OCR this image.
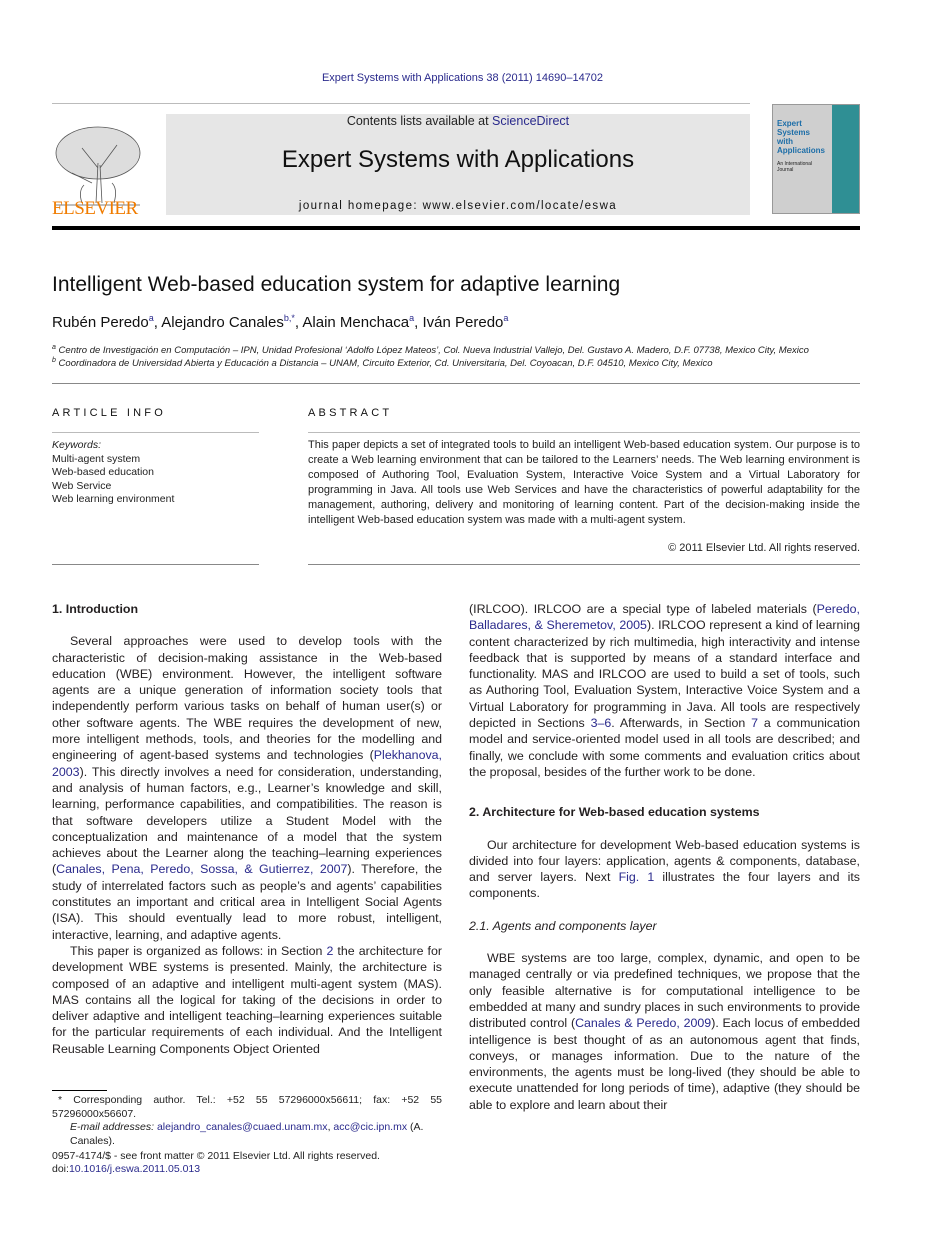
Expert Systems with Applications 38 (2011) 14690–14702
ELSEVIER
Contents lists available at ScienceDirect
Expert Systems with Applications
journal homepage: www.elsevier.com/locate/eswa
Expert
Systems
with
Applications
An International
Journal
Intelligent Web-based education system for adaptive learning
Rubén Peredo$^a$, Alejandro Canales$^{b,*}$, Alain Menchaca$^a$, Iván Peredo$^a$
$^a$ Centro de Investigación en Computación – IPN, Unidad Profesional ‘Adolfo López Mateos’, Col. Nueva Industrial Vallejo, Del. Gustavo A. Madero, D.F. 07738, Mexico City, Mexico
$^b$ Coordinadora de Universidad Abierta y Educación a Distancia – UNAM, Circuito Exterior, Cd. Universitaria, Del. Coyoacan, D.F. 04510, Mexico City, Mexico
ARTICLE INFO
Keywords:
Multi-agent system
Web-based education
Web Service
Web learning environment
ABSTRACT
This paper depicts a set of integrated tools to build an intelligent Web-based education system. Our purpose is to create a Web learning environment that can be tailored to the Learners’ needs. The Web learning environment is composed of Authoring Tool, Evaluation System, Interactive Voice System and a Virtual Laboratory for programming in Java. All tools use Web Services and have the characteristics of powerful adaptability for the management, authoring, delivery and monitoring of learning content. Part of the decision-making inside the intelligent Web-based education system was made with a multi-agent system.
© 2011 Elsevier Ltd. All rights reserved.
1. Introduction

Several approaches were used to develop tools with the characteristic of decision-making assistance in the Web-based education (WBE) environment. However, the intelligent software agents are a unique generation of information society tools that independently perform various tasks on behalf of human user(s) or other software agents. The WBE requires the development of new, more intelligent methods, tools, and theories for the modelling and engineering of agent-based systems and technologies (Plekhanova, 2003). This directly involves a need for consideration, understanding, and analysis of human factors, e.g., Learner’s knowledge and skill, learning, performance capabilities, and compatibilities. The reason is that software developers utilize a Student Model with the conceptualization and maintenance of a model that the system achieves about the Learner along the teaching–learning experiences (Canales, Pena, Peredo, Sossa, & Gutierrez, 2007). Therefore, the study of interrelated factors such as people’s and agents’ capabilities constitutes an important and critical area in Intelligent Social Agents (ISA). This should eventually lead to more robust, intelligent, interactive, learning, and adaptive agents.

This paper is organized as follows: in Section 2 the architecture for development WBE systems is presented. Mainly, the architecture is composed of an adaptive and intelligent multi-agent system (MAS). MAS contains all the logical for taking of the decisions in order to deliver adaptive and intelligent teaching–learning experiences suitable for the particular requirements of each individual. And the Intelligent Reusable Learning Components Object Oriented

(IRLCOO). IRLCOO are a special type of labeled materials (Peredo, Balladares, & Sheremetov, 2005). IRLCOO represent a kind of learning content characterized by rich multimedia, high interactivity and intense feedback that is supported by means of a standard interface and functionality. MAS and IRLCOO are used to build a set of tools, such as Authoring Tool, Evaluation System, Interactive Voice System and a Virtual Laboratory for programming in Java. All tools are respectively depicted in Sections 3–6. Afterwards, in Section 7 a communication model and service-oriented model used in all tools are described; and finally, we conclude with some comments and evaluation critics about the proposal, besides of the further work to be done.

2. Architecture for Web-based education systems

Our architecture for development Web-based education systems is divided into four layers: application, agents & components, database, and server layers. Next Fig. 1 illustrates the four layers and its components.

2.1. Agents and components layer

WBE systems are too large, complex, dynamic, and open to be managed centrally or via predefined techniques, we propose that the only feasible alternative is for computational intelligence to be embedded at many and sundry places in such environments to provide distributed control (Canales & Peredo, 2009). Each locus of embedded intelligence is best thought of as an autonomous agent that finds, conveys, or manages information. Due to the nature of the environments, the agents must be long-lived (they should be able to execute unattended for long periods of time), adaptive (they should be able to explore and learn about their

* Corresponding author. Tel.: +52 55 57296000x56611; fax: +52 55 57296000x56607.
E-mail addresses: alejandro_canales@cuaed.unam.mx, acc@cic.ipn.mx (A. Canales).
0957-4174/$ - see front matter © 2011 Elsevier Ltd. All rights reserved.
doi:10.1016/j.eswa.2011.05.013
